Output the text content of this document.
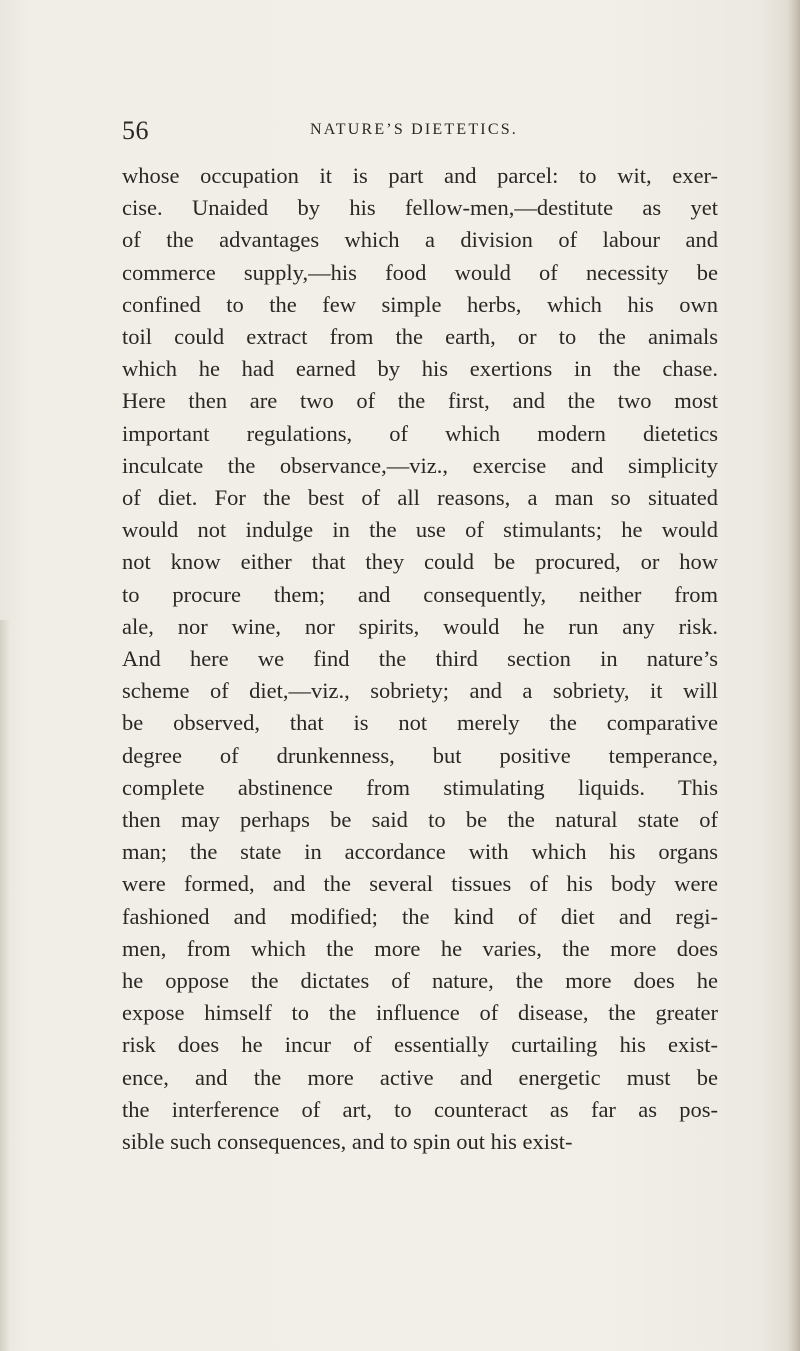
56	NATURE’S DIETETICS.
whose occupation it is part and parcel: to wit, exer-
cise. Unaided by his fellow-men,—destitute as yet
of the advantages which a division of labour and
commerce supply,—his food would of necessity be
confined to the few simple herbs, which his own
toil could extract from the earth, or to the animals
which he had earned by his exertions in the chase.
Here then are two of the first, and the two most
important regulations, of which modern dietetics
inculcate the observance,—viz., exercise and simplicity
of diet. For the best of all reasons, a man so situated
would not indulge in the use of stimulants; he would
not know either that they could be procured, or how
to procure them; and consequently, neither from
ale, nor wine, nor spirits, would he run any risk.
And here we find the third section in nature’s
scheme of diet,—viz., sobriety; and a sobriety, it will
be observed, that is not merely the comparative
degree of drunkenness, but positive temperance,
complete abstinence from stimulating liquids. This
then may perhaps be said to be the natural state of
man; the state in accordance with which his organs
were formed, and the several tissues of his body were
fashioned and modified; the kind of diet and regi-
men, from which the more he varies, the more does
he oppose the dictates of nature, the more does he
expose himself to the influence of disease, the greater
risk does he incur of essentially curtailing his exist-
ence, and the more active and energetic must be
the interference of art, to counteract as far as pos-
sible such consequences, and to spin out his exist-
